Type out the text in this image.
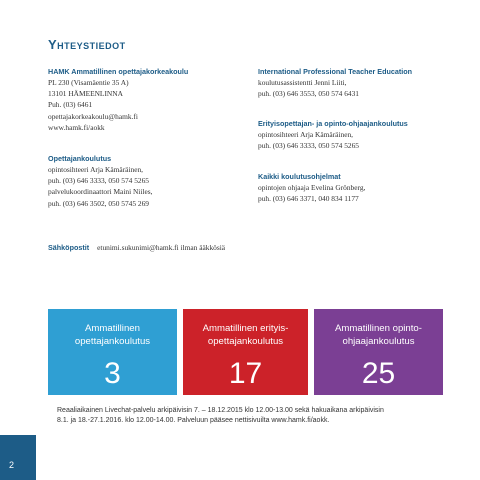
Yhteystiedot
HAMK Ammatillinen opettajakorkeakoulu
PL 230 (Visamäentie 35 A)
13101 HÄMEENLINNA
Puh. (03) 6461
opettajakorkeakoulu@hamk.fi
www.hamk.fi/aokk
Opettajankoulutus
opintosihteeri Arja Kämäräinen,
puh. (03) 646 3333, 050 574 5265
palvelukoordinaattori Maini Niiles,
puh. (03) 646 3502, 050 5745 269
International Professional Teacher Education
koulutusassistentti Jenni Liiti,
puh. (03) 646 3553, 050 574 6431
Erityisopettajan- ja opinto-ohjaajankoulutus
opintosihteeri Arja Kämäräinen,
puh. (03) 646 3333, 050 574 5265
Kaikki koulutusohjelmat
opintojen ohjaaja Evelina Grönberg,
puh. (03) 646 3371, 040 834 1177
Sähköpostit etunimi.sukunimi@hamk.fi ilman ääkkösiä
Ammatillinen
opettajankoulutus
3
Ammatillinen erityis-
opettajankoulutus
17
Ammatillinen opinto-
ohjaajankoulutus
25
Reaaliaikainen Livechat-palvelu arkipäivisin 7. – 18.12.2015 klo 12.00-13.00 sekä hakuaikana arkipäivisin
8.1. ja 18.-27.1.2016. klo 12.00-14.00. Palveluun pääsee nettisivuilta www.hamk.fi/aokk.
2
